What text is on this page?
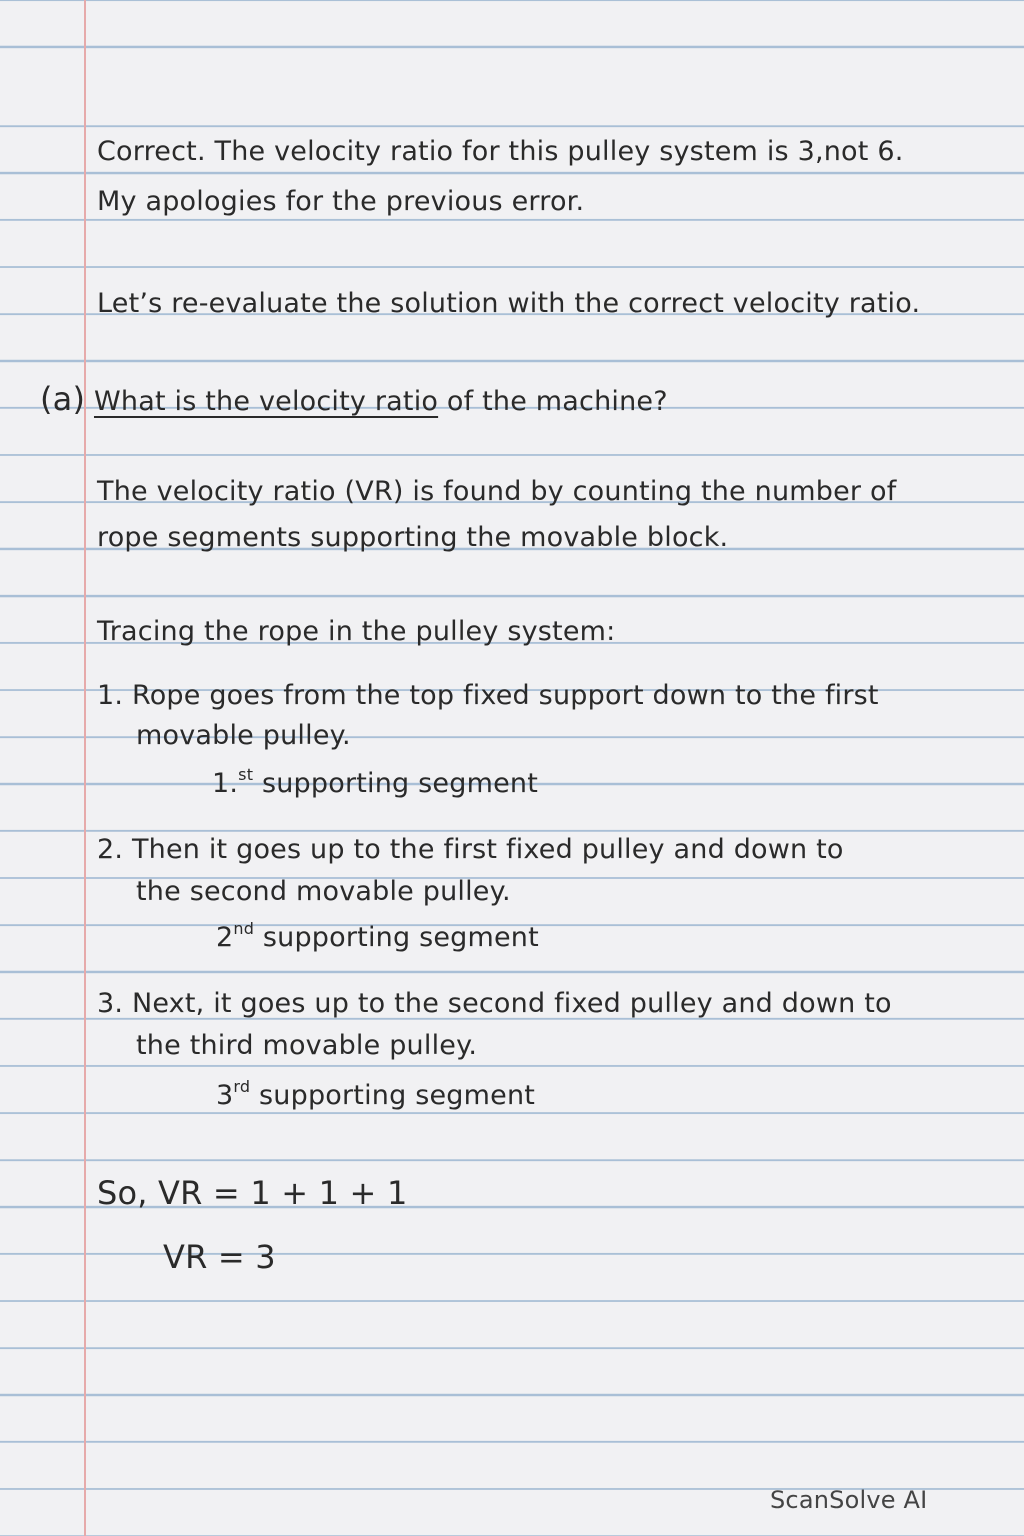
Correct. The velocity ratio for this pulley system is 3,not 6.
My apologies for the previous error.
Let’s re-evaluate the solution with the correct velocity ratio.
(a) What is the velocity ratio of the machine?
The velocity ratio (VR) is found by counting the number of
rope segments supporting the movable block.
Tracing the rope in the pulley system:
1. Rope goes from the top fixed support down to the first
movable pulley.
1.$^{st}$ supporting segment
2. Then it goes up to the first fixed pulley and down to
the second movable pulley.
2nd supporting segment
3. Next, it goes up to the second fixed pulley and down to
the third movable pulley.
3rd supporting segment
So, VR = 1 + 1 + 1
VR = 3
ScanSolve AI
